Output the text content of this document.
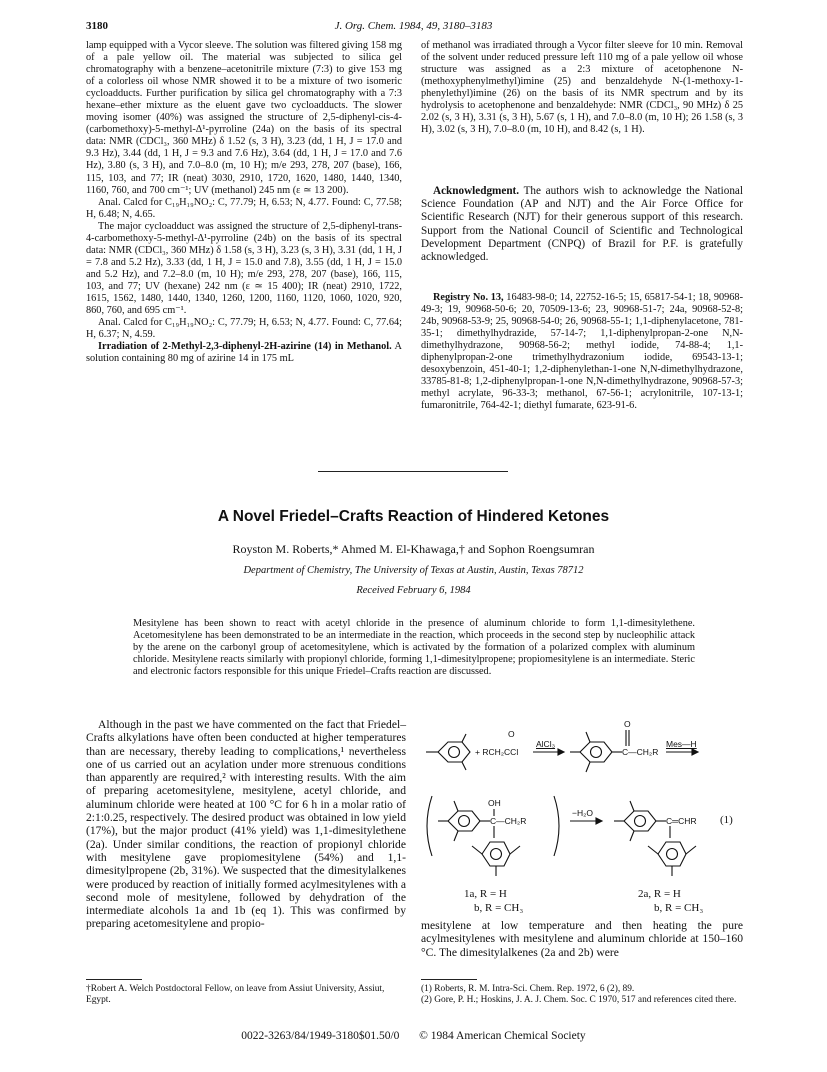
3180	J. Org. Chem. 1984, 49, 3180–3183

lamp equipped with a Vycor sleeve. The solution was filtered giving 158 mg of a pale yellow oil. The material was subjected to silica gel chromatography with a benzene–acetonitrile mixture (7:3) to give 153 mg of a colorless oil whose NMR showed it to be a mixture of two isomeric cycloadducts. Further purification by silica gel chromatography with a 7:3 hexane–ether mixture as the eluent gave two cycloadducts. The slower moving isomer (40%) was assigned the structure of 2,5-diphenyl-cis-4-(carbomethoxy)-5-methyl-Δ¹-pyrroline (24a) on the basis of its spectral data: NMR (CDCl₃, 360 MHz) δ 1.52 (s, 3 H), 3.23 (dd, 1 H, J = 17.0 and 9.3 Hz), 3.44 (dd, 1 H, J = 9.3 and 7.6 Hz), 3.64 (dd, 1 H, J = 17.0 and 7.6 Hz), 3.80 (s, 3 H), and 7.0–8.0 (m, 10 H); m/e 293, 278, 207 (base), 166, 115, 103, and 77; IR (neat) 3030, 2910, 1720, 1620, 1480, 1440, 1340, 1160, 760, and 700 cm⁻¹; UV (methanol) 245 nm (ε ≃ 13 200).

Anal. Calcd for C₁₉H₁₉NO₂: C, 77.79; H, 6.53; N, 4.77. Found: C, 77.58; H, 6.48; N, 4.65.

The major cycloadduct was assigned the structure of 2,5-diphenyl-trans-4-carbomethoxy-5-methyl-Δ¹-pyrroline (24b) on the basis of its spectral data: NMR (CDCl₃, 360 MHz) δ 1.58 (s, 3 H), 3.23 (s, 3 H), 3.31 (dd, 1 H, J = 7.8 and 5.2 Hz), 3.33 (dd, 1 H, J = 15.0 and 7.8), 3.55 (dd, 1 H, J = 15.0 and 5.2 Hz), and 7.2–8.0 (m, 10 H); m/e 293, 278, 207 (base), 166, 115, 103, and 77; UV (hexane) 242 nm (ε ≃ 15 400); IR (neat) 2910, 1722, 1615, 1562, 1480, 1440, 1340, 1260, 1200, 1160, 1120, 1060, 1020, 920, 860, 760, and 695 cm⁻¹.

Anal. Calcd for C₁₉H₁₉NO₂: C, 77.79; H, 6.53; N, 4.77. Found: C, 77.64; H, 6.37; N, 4.59.

Irradiation of 2-Methyl-2,3-diphenyl-2H-azirine (14) in Methanol. A solution containing 80 mg of azirine 14 in 175 mL

of methanol was irradiated through a Vycor filter sleeve for 10 min. Removal of the solvent under reduced pressure left 110 mg of a pale yellow oil whose structure was assigned as a 2:3 mixture of acetophenone N-(methoxyphenylmethyl)imine (25) and benzaldehyde N-(1-methoxy-1-phenylethyl)imine (26) on the basis of its NMR spectrum and by its hydrolysis to acetophenone and benzaldehyde: NMR (CDCl₃, 90 MHz) δ 25 2.02 (s, 3 H), 3.31 (s, 3 H), 5.67 (s, 1 H), and 7.0–8.0 (m, 10 H); 26 1.58 (s, 3 H), 3.02 (s, 3 H), 7.0–8.0 (m, 10 H), and 8.42 (s, 1 H).

Acknowledgment. The authors wish to acknowledge the National Science Foundation (AP and NJT) and the Air Force Office for Scientific Research (NJT) for their generous support of this research. Support from the National Council of Scientific and Technological Development Department (CNPQ) of Brazil for P.F. is gratefully acknowledged.
Registry No. 13, 16483-98-0; 14, 22752-16-5; 15, 65817-54-1; 18, 90968-49-3; 19, 90968-50-6; 20, 70509-13-6; 23, 90968-51-7; 24a, 90968-52-8; 24b, 90968-53-9; 25, 90968-54-0; 26, 90968-55-1; 1,1-diphenylacetone, 781-35-1; dimethylhydrazide, 57-14-7; 1,1-diphenylpropan-2-one N,N-dimethylhydrazone, 90968-56-2; methyl iodide, 74-88-4; 1,1-diphenylpropan-2-one trimethylhydrazonium iodide, 69543-13-1; desoxybenzoin, 451-40-1; 1,2-diphenylethan-1-one N,N-dimethylhydrazone, 33785-81-8; 1,2-diphenylpropan-1-one N,N-dimethylhydrazone, 90968-57-3; methyl acrylate, 96-33-3; methanol, 67-56-1; acrylonitrile, 107-13-1; fumaronitrile, 764-42-1; diethyl fumarate, 623-91-6.
A Novel Friedel–Crafts Reaction of Hindered Ketones
Royston M. Roberts,* Ahmed M. El-Khawaga,† and Sophon Roengsumran
Department of Chemistry, The University of Texas at Austin, Austin, Texas 78712
Received February 6, 1984
Mesitylene has been shown to react with acetyl chloride in the presence of aluminum chloride to form 1,1-dimesitylethene. Acetomesitylene has been demonstrated to be an intermediate in the reaction, which proceeds in the second step by nucleophilic attack by the arene on the carbonyl group of acetomesitylene, which is activated by the formation of a polarized complex with aluminum chloride. Mesitylene reacts similarly with propionyl chloride, forming 1,1-dimesitylpropene; propiomesitylene is an intermediate. Steric and electronic factors responsible for this unique Friedel–Crafts reaction are discussed.

Although in the past we have commented on the fact that Friedel–Crafts alkylations have often been conducted at higher temperatures than are necessary, thereby leading to complications,¹ nevertheless one of us carried out an acylation under more strenuous conditions than apparently are required,² with interesting results. With the aim of preparing acetomesitylene, mesitylene, acetyl chloride, and aluminum chloride were heated at 100 °C for 6 h in a molar ratio of 2:1:0.25, respectively. The desired product was obtained in low yield (17%), but the major product (41% yield) was 1,1-dimesitylethene (2a). Under similar conditions, the reaction of propionyl chloride with mesitylene gave propiomesitylene (54%) and 1,1-dimesitylpropene (2b, 31%). We suspected that the dimesitylalkenes were produced by reaction of initially formed acylmesitylenes with a second mole of mesitylene, followed by dehydration of the intermediate alcohols 1a and 1b (eq 1). This was confirmed by preparing acetomesitylene and propio-

+ RCH₂CCl
O
AlCl₃
O
C—CH₂R
Mes—H
OH
C—CH₂R
−H₂O
C═CHR (1)
1a, R = H
b, R = CH₃
2a, R = H
b, R = CH₃

mesitylene at low temperature and then heating the pure acylmesitylenes with mesitylene and aluminum chloride at 150–160 °C. The dimesitylalkenes (2a and 2b) were

†Robert A. Welch Postdoctoral Fellow, on leave from Assiut University, Assiut, Egypt.
(1) Roberts, R. M. Intra-Sci. Chem. Rep. 1972, 6 (2), 89.
(2) Gore, P. H.; Hoskins, J. A. J. Chem. Soc. C 1970, 517 and references cited there.
0022-3263/84/1949-3180$01.50/0 © 1984 American Chemical Society
